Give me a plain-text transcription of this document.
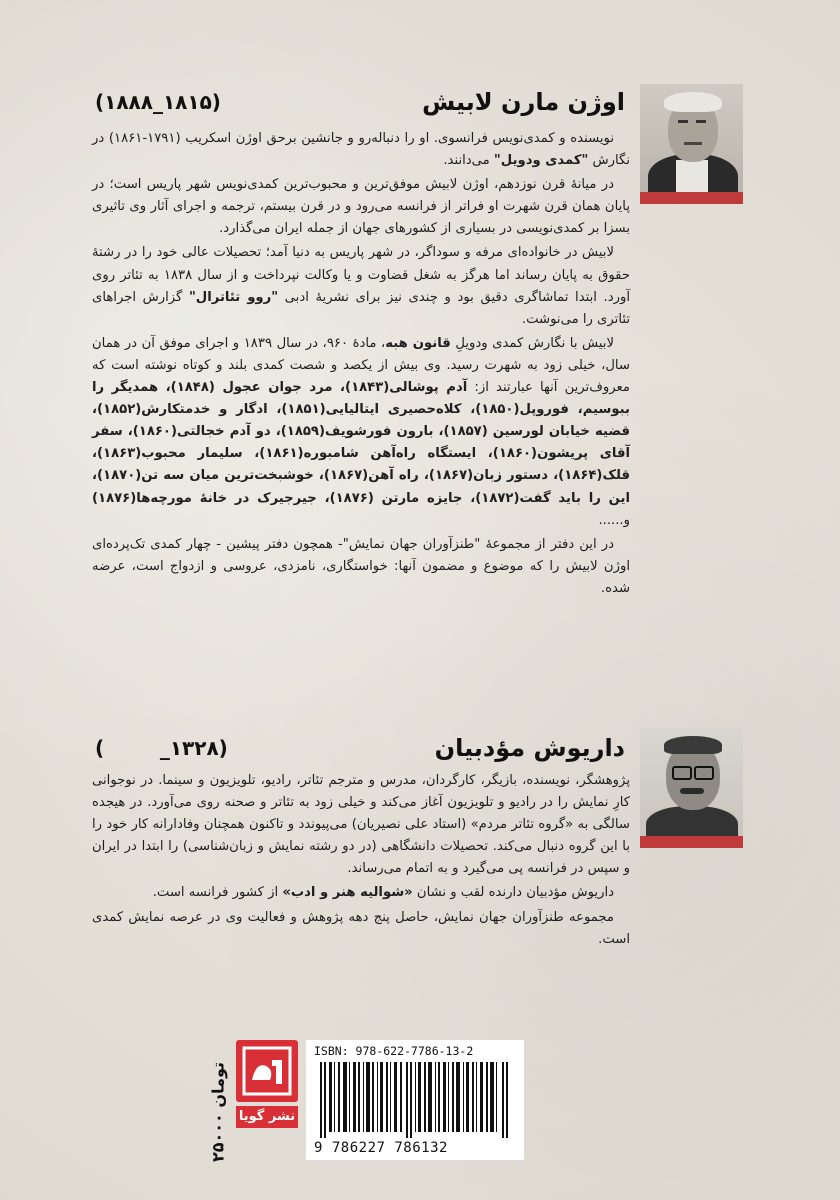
اوژن مارن لابیش
(۱۸۱۵_۱۸۸۸)

نویسنده و کمدی‌نویس فرانسوی. او را دنباله‌رو و جانشین برحق اوژن اسکریب (۱۷۹۱-۱۸۶۱) در نگارش "کمدی ودویل" می‌دانند.

در میانهٔ قرن نوزدهم، اوژن لابیش موفق‌ترین و محبوب‌ترین کمدی‌نویس شهر پاریس است؛ در پایان همان قرن شهرت او فراتر از فرانسه می‌رود و در قرن بیستم، ترجمه و اجرای آثار وی تاثیری بسزا بر کمدی‌نویسی در بسیاری از کشورهای جهان از جمله ایران می‌گذارد.

لابیش در خانواده‌ای مرفه و سوداگر، در شهر پاریس به دنیا آمد؛ تحصیلات عالی خود را در رشتهٔ حقوق به پایان رساند اما هرگز به شغل قضاوت و یا وکالت نپرداخت و از سال ۱۸۳۸ به تئاتر روی آورد. ابتدا تماشاگری دقیق بود و چندی نیز برای نشریهٔ ادبی "روو تئاترال" گزارش اجراهای تئاتری را می‌نوشت.

لابیش با نگارش کمدی ودویلِ قانون هبه، مادهٔ ۹۶۰، در سال ۱۸۳۹ و اجرای موفق آن در همان سال، خیلی زود به شهرت رسید. وی بیش از یکصد و شصت کمدی بلند و کوتاه نوشته است که معروف‌ترین آنها عبارتند از: آدم پوشالی(۱۸۴۳)، مرد جوان عجول (۱۸۴۸)، همدیگر را ببوسیم، فوروپل(۱۸۵۰)، کلاه‌حصیری ایتالیایی(۱۸۵۱)، ادگار و خدمتکارش(۱۸۵۲)، قضیه خیابان لورسین (۱۸۵۷)، بارون فورشویف(۱۸۵۹)، دو آدم خجالتی(۱۸۶۰)، سفر آقای پریشون(۱۸۶۰)، ایستگاه راه‌آهن شامبوره(۱۸۶۱)، سلیمار محبوب(۱۸۶۳)، قلک(۱۸۶۴)، دستور زبان(۱۸۶۷)، راه آهن(۱۸۶۷)، خوشبخت‌ترین میان سه تن(۱۸۷۰)، این را باید گفت(۱۸۷۲)، جایزه مارتن (۱۸۷۶)، جیرجیرک در خانهٔ مورچه‌ها(۱۸۷۶) و......

در این دفتر از مجموعهٔ "طنزآوران جهان نمایش"- همچون دفتر پیشین - چهار کمدی تک‌پرده‌ای اوژن لابیش را که موضوع و مضمون آنها: خواستگاری، نامزدی، عروسی و ازدواج است، عرضه شده.

داریوش مؤدبیان
(۱۳۲۸_        )

پژوهشگر، نویسنده، بازیگر، کارگردان، مدرس و مترجم تئاتر، رادیو، تلویزیون و سینما. در نوجوانی کارِ نمایش را در رادیو و تلویزیون آغاز می‌کند و خیلی زود به تئاتر و صحنه روی می‌آورد. در هیجده سالگی به «گروه تئاتر مردم» (استاد علی نصیریان) می‌پیوندد و تاکنون همچنان وفادارانه کار خود را با این گروه دنبال می‌کند. تحصیلات دانشگاهی (در دو رشته نمایش و زبان‌شناسی) را ابتدا در ایران و سپس در فرانسه پی می‌گیرد و به اتمام می‌رساند.

داریوش مؤدبیان دارنده لقب و نشان «شوالیه هنر و ادب» از کشور فرانسه است.

مجموعه طنزآوران جهان نمایش، حاصل پنج دهه پژوهش و فعالیت وی در عرصه نمایش کمدی است.

۲۵۰۰۰ تومان
نشر گویا
ISBN: 978-622-7786-13-2
9 786227 786132
